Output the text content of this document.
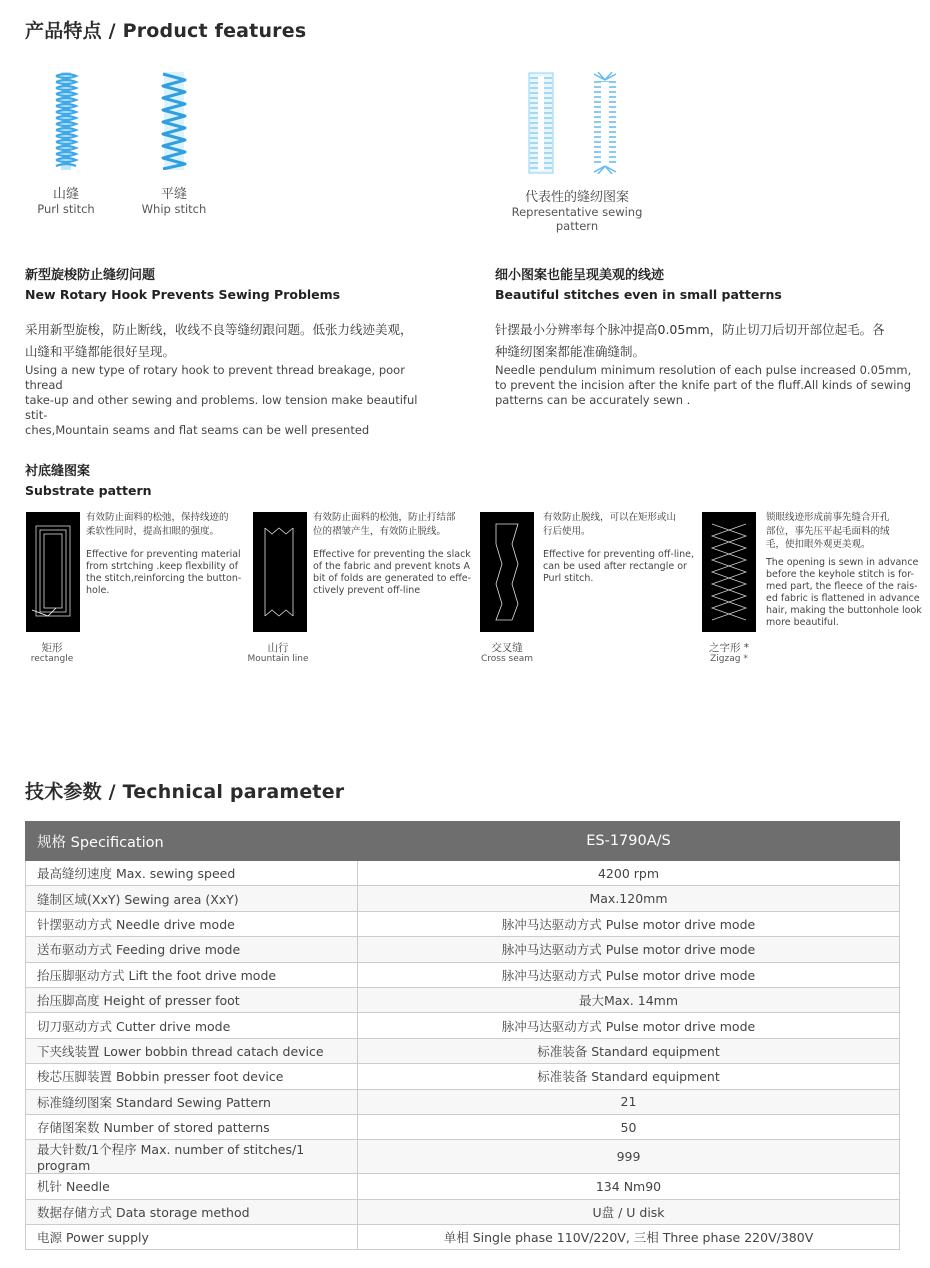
产品特点 / Product features
山缝
Purl stitch
平缝
Whip stitch
代表性的缝纫图案
Representative sewing pattern
新型旋梭防止缝纫问题
New Rotary Hook Prevents Sewing Problems
采用新型旋梭，防止断线，收线不良等缝纫跟问题。低张力线迹美观，
山缝和平缝都能很好呈现。
Using a new type of rotary hook to prevent thread breakage, poor thread
take-up and other sewing and problems. low tension make beautiful stit-
ches,Mountain seams and flat seams can be well presented
细小图案也能呈现美观的线迹
Beautiful stitches even in small patterns
针摆最小分辨率每个脉冲提高0.05mm，防止切刀后切开部位起毛。各
种缝纫图案都能准确缝制。
Needle pendulum minimum resolution of each pulse increased 0.05mm,
to prevent the incision after the knife part of the fluff.All kinds of sewing
patterns can be accurately sewn .
衬底缝图案
Substrate pattern
有效防止面料的松弛，保持线迹的
柔软性同时，提高扣眼的强度。
Effective for preventing material
from strtching .keep flexbility of
the stitch,reinforcing the button-
hole.
矩形
rectangle
有效防止面料的松弛，防止打结部
位的褶皱产生，有效防止脱线。
Effective for preventing the slack
of the fabric and prevent knots A
bit of folds are generated to effe-
ctively prevent off-line
山行
Mountain line
有效防止脱线，可以在矩形或山
行后使用。
Effective for preventing off-line,
can be used after rectangle or
Purl stitch.
交叉缝
Cross seam
锁眼线迹形成前事先缝合开孔
部位，事先压平起毛面料的绒
毛，使扣眼外观更美观。
The opening is sewn in advance
before the keyhole stitch is for-
med part, the fleece of the rais-
ed fabric is flattened in advance
hair, making the buttonhole look
more beautiful.
之字形 *
Zigzag *
技术参数 / Technical parameter
规格 Specification	ES-1790A/S
最高缝纫速度 Max. sewing speed	4200 rpm
缝制区域(XxY) Sewing area (XxY)	Max.120mm
针摆驱动方式 Needle drive mode	脉冲马达驱动方式 Pulse motor drive mode
送布驱动方式 Feeding drive mode	脉冲马达驱动方式 Pulse motor drive mode
抬压脚驱动方式 Lift the foot drive mode	脉冲马达驱动方式 Pulse motor drive mode
抬压脚高度 Height of presser foot	最大Max. 14mm
切刀驱动方式 Cutter drive mode	脉冲马达驱动方式 Pulse motor drive mode
下夹线装置 Lower bobbin thread catach device	标准装备 Standard equipment
梭芯压脚装置 Bobbin presser foot device	标准装备 Standard equipment
标准缝纫图案 Standard Sewing Pattern	21
存储图案数 Number of stored patterns	50
最大针数/1个程序 Max. number of stitches/1 program	999
机针 Needle	134 Nm90
数据存储方式 Data storage method	U盘 / U disk
电源 Power supply	单相 Single phase 110V/220V, 三相 Three phase 220V/380V
